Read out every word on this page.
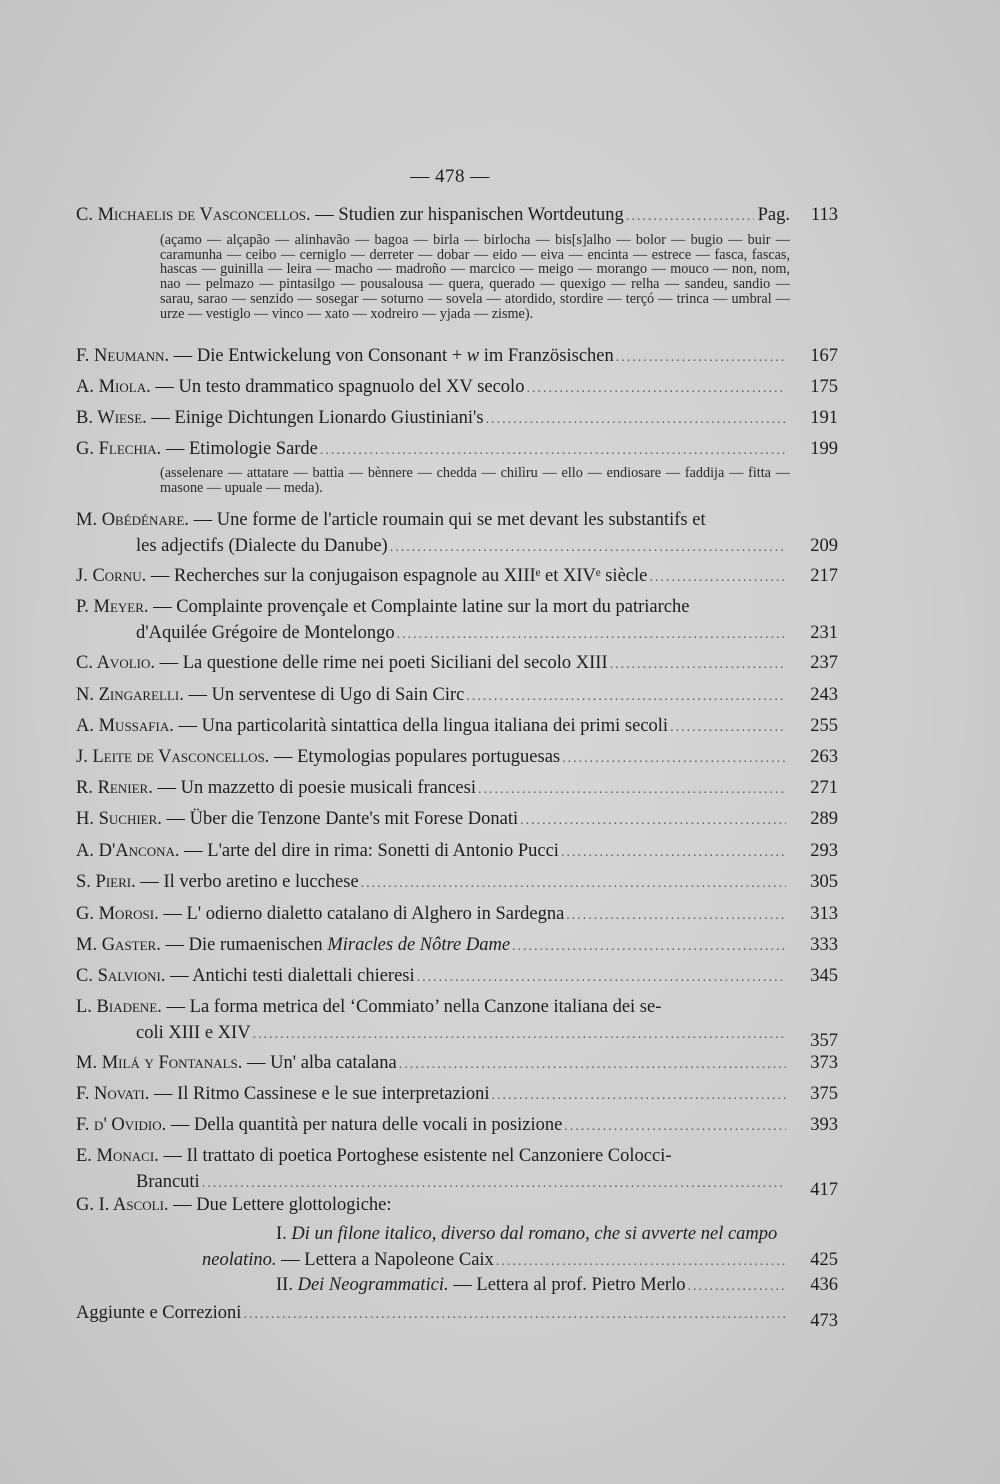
— 478 —
C. Michaelis de Vasconcellos. — Studien zur hispanischen Wortdeutung .....	Pag.	113
(açamo — alçapão — alinhavão — bagoa — birla — birlocha — bis[s]alho — bolor — bugio — buir — caramunha — ceibo — cerniglo — derreter — dobar — eido — eiva — encinta — estrece — fasca, fascas, hascas — guinilla — leira — macho — madroño — marcico — meigo — morango — mouco — non, nom, nao — pelmazo — pintasilgo — pousalousa — quera, querado — quexigo — relha — sandeu, sandio — sarau, sarao — senzido — sosegar — soturno — sovela — atordido, stordire — terçó — trinca — umbral — urze — vestiglo — vinco — xato — xodreiro — yjada — zisme).
F. Neumann. — Die Entwickelung von Consonant + w im Französischen .....	167
A. Miola. — Un testo drammatico spagnuolo del XV secolo .....	175
B. Wiese. — Einige Dichtungen Lionardo Giustiniani's .....	191
G. Flechia. — Etimologie Sarde .....	199
(asselenare — attatare — battìa — bènnere — chedda — chilìru — ello — endiosare — faddija — fitta — masone — upuale — meda).
M. Obédénare. — Une forme de l'article roumain qui se met devant les substantifs et
les adjectifs (Dialecte du Danube) .....	209
J. Cornu. — Recherches sur la conjugaison espagnole au XIIIᵉ et XIVᵉ siècle .....	217
P. Meyer. — Complainte provençale et Complainte latine sur la mort du patriarche
d'Aquilée Grégoire de Montelongo .....	231
C. Avolio. — La questione delle rime nei poeti Siciliani del secolo XIII .....	237
N. Zingarelli. — Un serventese di Ugo di Sain Circ .....	243
A. Mussafia. — Una particolarità sintattica della lingua italiana dei primi secoli .....	255
J. Leite de Vasconcellos. — Etymologias populares portuguesas .....	263
R. Renier. — Un mazzetto di poesie musicali francesi .....	271
H. Suchier. — Über die Tenzone Dante's mit Forese Donati .....	289
A. D'Ancona. — L'arte del dire in rima: Sonetti di Antonio Pucci .....	293
S. Pieri. — Il verbo aretino e lucchese .....	305
G. Morosi. — L' odierno dialetto catalano di Alghero in Sardegna .....	313
M. Gaster. — Die rumaenischen Miracles de Nôtre Dame .....	333
C. Salvioni. — Antichi testi dialettali chieresi .....	345
L. Biadene. — La forma metrica del ‘Commiato’ nella Canzone italiana dei se-
coli XIII e XIV .....	357
M. Milá y Fontanals. — Un' alba catalana .....	373
F. Novati. — Il Ritmo Cassinese e le sue interpretazioni .....	375
F. d' Ovidio. — Della quantità per natura delle vocali in posizione .....	393
E. Monaci. — Il trattato di poetica Portoghese esistente nel Canzoniere Colocci-
Brancuti .....	417
G. I. Ascoli. — Due Lettere glottologiche:
I. Di un filone italico, diverso dal romano, che si avverte nel campo
neolatino. — Lettera a Napoleone Caix .....	425
II. Dei Neogrammatici. — Lettera al prof. Pietro Merlo .....	436
Aggiunte e Correzioni .....	473
